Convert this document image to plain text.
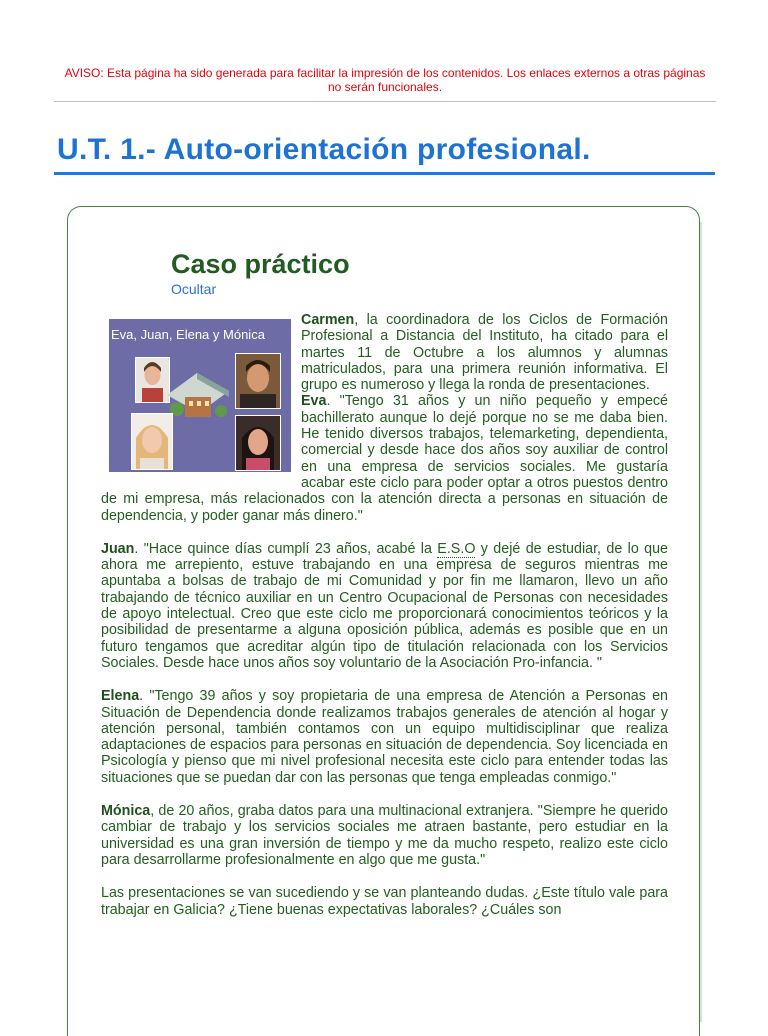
AVISO: Esta página ha sido generada para facilitar la impresión de los contenidos. Los enlaces externos a otras páginas no serán funcionales.
U.T. 1.- Auto-orientación profesional.
Caso práctico
Ocultar
Eva, Juan, Elena y Mónica

Carmen, la coordinadora de los Ciclos de Formación Profesional a Distancia del Instituto, ha citado para el martes 11 de Octubre a los alumnos y alumnas matriculados, para una primera reunión informativa. El grupo es numeroso y llega la ronda de presentaciones.
Eva. "Tengo 31 años y un niño pequeño y empecé bachillerato aunque lo dejé porque no se me daba bien. He tenido diversos trabajos, telemarketing, dependienta, comercial y desde hace dos años soy auxiliar de control en una empresa de servicios sociales. Me gustaría acabar este ciclo para poder optar a otros puestos dentro de mi empresa, más relacionados con la atención directa a personas en situación de dependencia, y poder ganar más dinero."

Juan. "Hace quince días cumplí 23 años, acabé la E.S.O y dejé de estudiar, de lo que ahora me arrepiento, estuve trabajando en una empresa de seguros mientras me apuntaba a bolsas de trabajo de mi Comunidad y por fin me llamaron, llevo un año trabajando de técnico auxiliar en un Centro Ocupacional de Personas con necesidades de apoyo intelectual. Creo que este ciclo me proporcionará conocimientos teóricos y la posibilidad de presentarme a alguna oposición pública, además es posible que en un futuro tengamos que acreditar algún tipo de titulación relacionada con los Servicios Sociales. Desde hace unos años soy voluntario de la Asociación Pro-infancia. "

Elena. "Tengo 39 años y soy propietaria de una empresa de Atención a Personas en Situación de Dependencia donde realizamos trabajos generales de atención al hogar y atención personal, también contamos con un equipo multidisciplinar que realiza adaptaciones de espacios para personas en situación de dependencia. Soy licenciada en Psicología y pienso que mi nivel profesional necesita este ciclo para entender todas las situaciones que se puedan dar con las personas que tenga empleadas conmigo."

Mónica, de 20 años, graba datos para una multinacional extranjera. "Siempre he querido cambiar de trabajo y los servicios sociales me atraen bastante, pero estudiar en la universidad es una gran inversión de tiempo y me da mucho respeto, realizo este ciclo para desarrollarme profesionalmente en algo que me gusta."

Las presentaciones se van sucediendo y se van planteando dudas. ¿Este título vale para trabajar en Galicia? ¿Tiene buenas expectativas laborales? ¿Cuáles son
